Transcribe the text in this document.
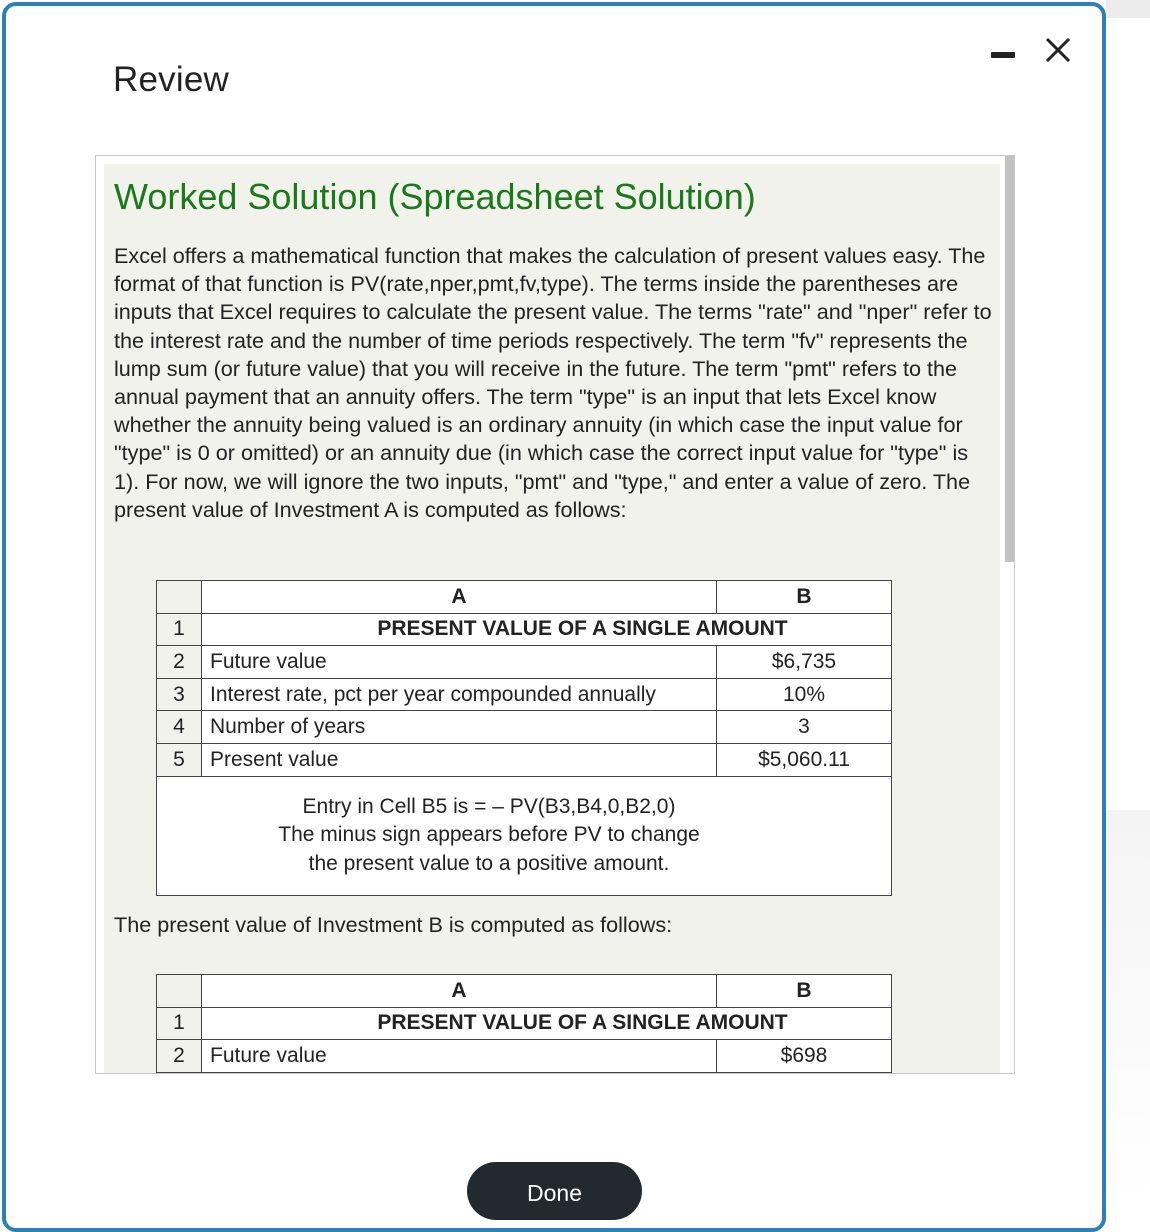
Review
Worked Solution (Spreadsheet Solution)
Excel offers a mathematical function that makes the calculation of present values easy. The format of that function is PV(rate,nper,pmt,fv,type). The terms inside the parentheses are inputs that Excel requires to calculate the present value. The terms "rate" and "nper" refer to the interest rate and the number of time periods respectively. The term "fv" represents the lump sum (or future value) that you will receive in the future. The term "pmt" refers to the annual payment that an annuity offers. The term "type" is an input that lets Excel know whether the annuity being valued is an ordinary annuity (in which case the input value for "type" is 0 or omitted) or an annuity due (in which case the correct input value for "type" is 1). For now, we will ignore the two inputs, "pmt" and "type," and enter a value of zero. The present value of Investment A is computed as follows:
	A	B
1	PRESENT VALUE OF A SINGLE AMOUNT	
2	Future value	$6,735
3	Interest rate, pct per year compounded annually	10%
4	Number of years	3
5	Present value	$5,060.11

Entry in Cell B5 is = – PV(B3,B4,0,B2,0)
The minus sign appears before PV to change
the present value to a positive amount.		
The present value of Investment B is computed as follows:
	A	B
1	PRESENT VALUE OF A SINGLE AMOUNT	
2	Future value	$698

Done
